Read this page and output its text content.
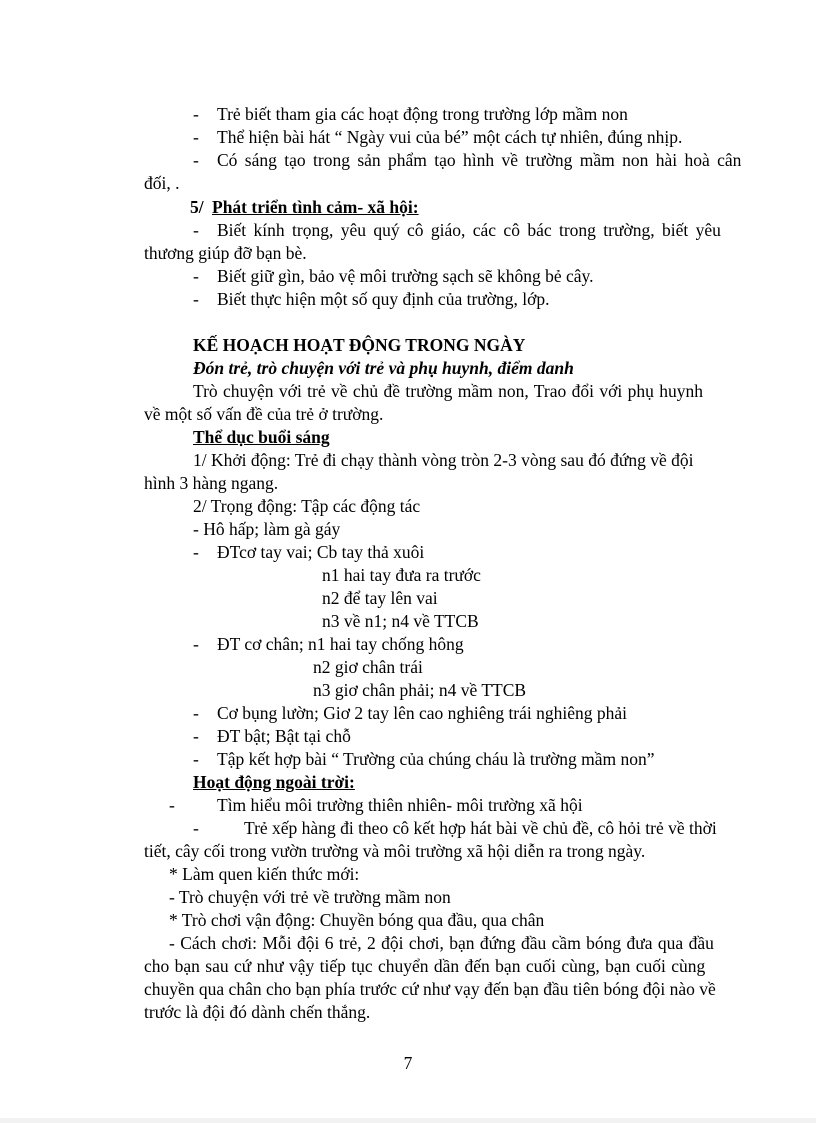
- Trẻ biết tham gia các hoạt động trong trường lớp mầm non
- Thể hiện bài hát “ Ngày vui của bé” một cách tự nhiên, đúng nhịp.
- Có sáng tạo trong sản phẩm tạo hình về trường mầm non hài hoà cân
đối, .
5/ Phát triển tình cảm- xã hội:
- Biết kính trọng, yêu quý cô giáo, các cô bác trong trường, biết yêu
thương giúp đỡ bạn bè.
- Biết giữ gìn, bảo vệ môi trường sạch sẽ không bẻ cây.
- Biết thực hiện một số quy định của trường, lớp.
KẾ HOẠCH HOẠT ĐỘNG TRONG NGÀY
Đón trẻ, trò chuyện với trẻ và phụ huynh, điểm danh
Trò chuyện với trẻ về chủ đề trường mầm non, Trao đổi với phụ huynh
về một số vấn đề của trẻ ở trường.
Thể dục buổi sáng
1/ Khởi động: Trẻ đi chạy thành vòng tròn 2-3 vòng sau đó đứng về đội
hình 3 hàng ngang.
2/ Trọng động: Tập các động tác
- Hô hấp; làm gà gáy
- ĐTcơ tay vai; Cb tay thả xuôi
n1 hai tay đưa ra trước
n2 để tay lên vai
n3 về n1; n4 về TTCB
- ĐT cơ chân; n1 hai tay chống hông
n2 giơ chân trái
n3 giơ chân phải; n4 về TTCB
- Cơ bụng lườn; Giơ 2 tay lên cao nghiêng trái nghiêng phải
- ĐT bật; Bật tại chỗ
- Tập kết hợp bài “ Trường của chúng cháu là trường mầm non”
Hoạt động ngoài trời:
- Tìm hiểu môi trường thiên nhiên- môi trường xã hội
-	Trẻ xếp hàng đi theo cô kết hợp hát bài về chủ đề, cô hỏi trẻ về thời
tiết, cây cối trong vườn trường và môi trường xã hội diễn ra trong ngày.
* Làm quen kiến thức mới:
- Trò chuyện với trẻ về trường mầm non
* Trò chơi vận động: Chuyền bóng qua đầu, qua chân
- Cách chơi: Mỗi đội 6 trẻ, 2 đội chơi, bạn đứng đầu cầm bóng đưa qua đầu
cho bạn sau cứ như vậy tiếp tục chuyển dần đến bạn cuối cùng, bạn cuối cùng
chuyền qua chân cho bạn phía trước cứ như vạy đến bạn đầu tiên bóng đội nào về
trước là đội đó dành chến thắng.
7
